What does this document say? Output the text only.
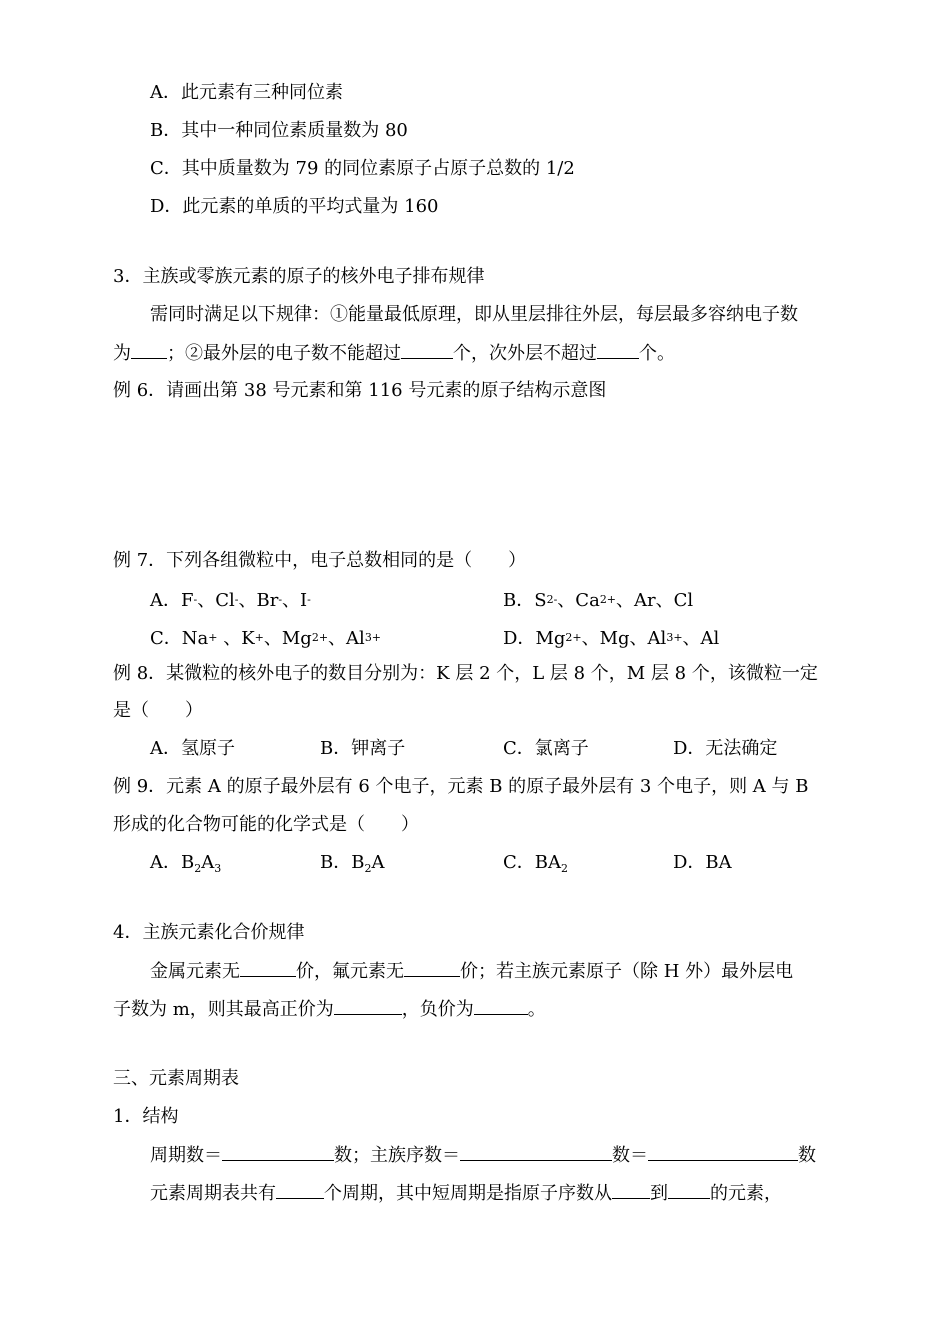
A．此元素有三种同位素
B．其中一种同位素质量数为 80
C．其中质量数为 79 的同位素原子占原子总数的 1/2
D．此元素的单质的平均式量为 160
3．主族或零族元素的原子的核外电子排布规律
需同时满足以下规律：①能量最低原理，即从里层排往外层，每层最多容纳电子数
为 ；②最外层的电子数不能超过	个，次外层不超过 个。
例 6．请画出第 38 号元素和第 116 号元素的原子结构示意图
例 7．下列各组微粒中，电子总数相同的是（　　）
A．F-、Cl-、Br-、I-	B．$S^{2-}$、$Ca^{2+}$、Ar、Cl
C．Na+ 、K+、$Mg^{2+}$、$Al^{3+}$	D．$Mg^{2+}$、Mg、$Al^{3+}$、Al
例 8．某微粒的核外电子的数目分别为：K 层 2 个，L 层 8 个，M 层 8 个，该微粒一定
是（　　）
A．氢原子	B．钾离子	C．氯离子	D．无法确定
例 9．元素 A 的原子最外层有 6 个电子，元素 B 的原子最外层有 3 个电子，则 A 与 B
形成的化合物可能的化学式是（　　）
A．$B_2A_3$	B．$B_2A$	C．$BA_2$	D．BA
4．主族元素化合价规律
金属元素无	价，氟元素无	价；若主族元素原子（除 H 外）最外层电
子数为 m，则其最高正价为	，负价为	。
三、元素周期表
1．结构
周期数＝	数；主族序数＝	数＝	数
元素周期表共有	个周期，其中短周期是指原子序数从 到 的元素，
